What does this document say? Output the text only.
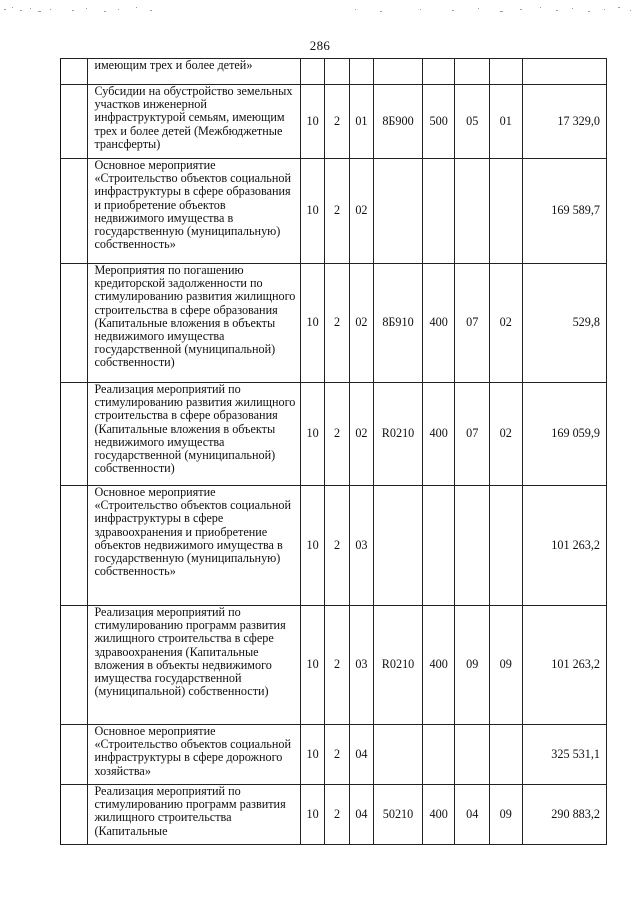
286
	имеющим трех и более детей»								
	Субсидии на обустройство земельных участков инженерной инфраструктурой семьям, имеющим трех и более детей (Межбюджетные трансферты)	10	2	01	8Б900	500	05	01	17 329,0
	Основное мероприятие «Строительство объектов социальной инфраструктуры в сфере образования и приобретение объектов недвижимого имущества в государственную (муниципальную) собственность»	10	2	02					169 589,7
	Мероприятия по погашению кредиторской задолженности по стимулированию развития жилищного строительства в сфере образования (Капитальные вложения в объекты недвижимого имущества государственной (муниципальной) собственности)	10	2	02	8Б910	400	07	02	529,8
	Реализация мероприятий по стимулированию развития жилищного строительства в сфере образования (Капитальные вложения в объекты недвижимого имущества государственной (муниципальной) собственности)	10	2	02	R0210	400	07	02	169 059,9
	Основное мероприятие «Строительство объектов социальной инфраструктуры в сфере здравоохранения и приобретение объектов недвижимого имущества в государственную (муниципальную) собственность»	10	2	03					101 263,2
	Реализация мероприятий по стимулированию программ развития жилищного строительства в сфере здравоохранения (Капитальные вложения в объекты недвижимого имущества государственной (муниципальной) собственности)	10	2	03	R0210	400	09	09	101 263,2
	Основное мероприятие «Строительство объектов социальной инфраструктуры в сфере дорожного хозяйства»	10	2	04					325 531,1
	Реализация мероприятий по стимулированию программ развития жилищного строительства (Капитальные	10	2	04	50210	400	04	09	290 883,2
